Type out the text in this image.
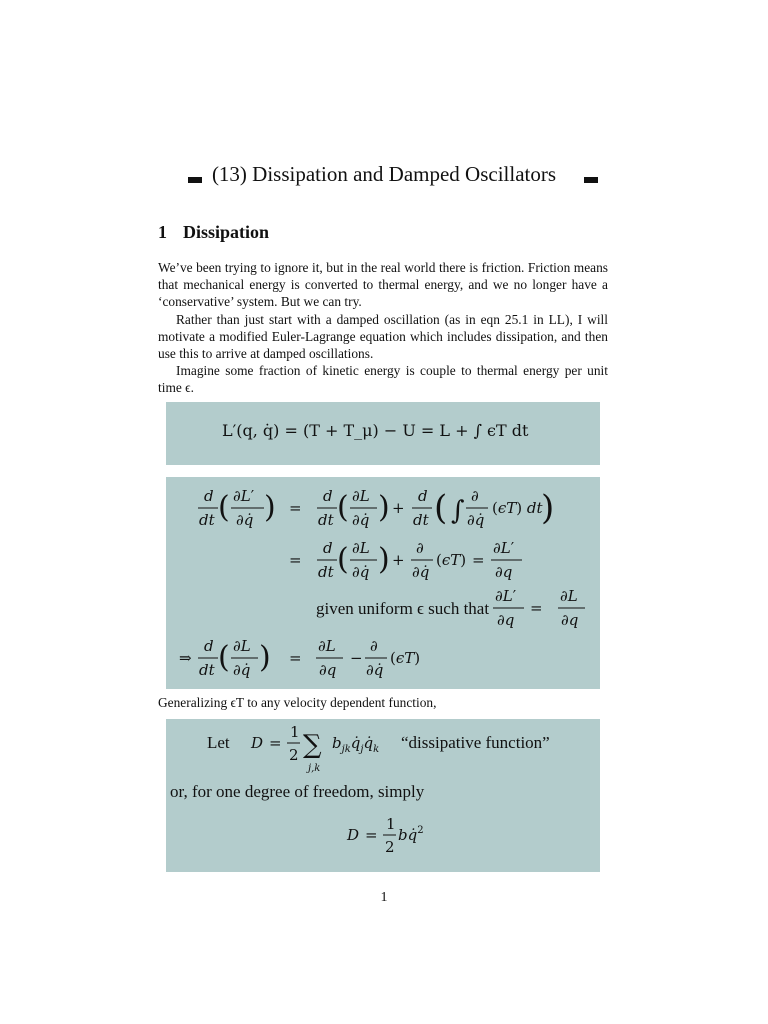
(13) Dissipation and Damped Oscillators
1 Dissipation

We’ve been trying to ignore it, but in the real world there is friction. Friction means that mechanical energy is converted to thermal energy, and we no longer have a ‘conservative’ system. But we can try.

Rather than just start with a damped oscillation (as in eqn 25.1 in LL), I will motivate a modified Euler-Lagrange equation which includes dissipation, and then use this to arrive at damped oscillations.

Imagine some fraction of kinetic energy is couple to thermal energy per unit time ϵ.

L′(q, q̇) = (T + T_μ) − U = L + ∫ ϵT dt
d
dt ( ∂L′
∂q̇ ) =
d
dt ( ∂L
∂q̇ ) +
d
dt ( ∫ ∂
∂q̇
(ϵT) dt
)
=
d
dt ( ∂L
∂q̇ ) +
∂
∂q̇
(ϵT) =
∂L′
∂q
given uniform ϵ such that
∂L′
∂q
=
∂L
∂q
⇒
d
dt ( ∂L
∂q̇ ) =
∂L
∂q
−
∂
∂q̇
(ϵT)
Generalizing ϵT to any velocity dependent function,
Let D =
1
2 ∑
j,k
$b_{jk}q̇_jq̇_k$ “dissipative function”
or, for one degree of freedom, simply
D =
1
2
bq̇$^2$
1
